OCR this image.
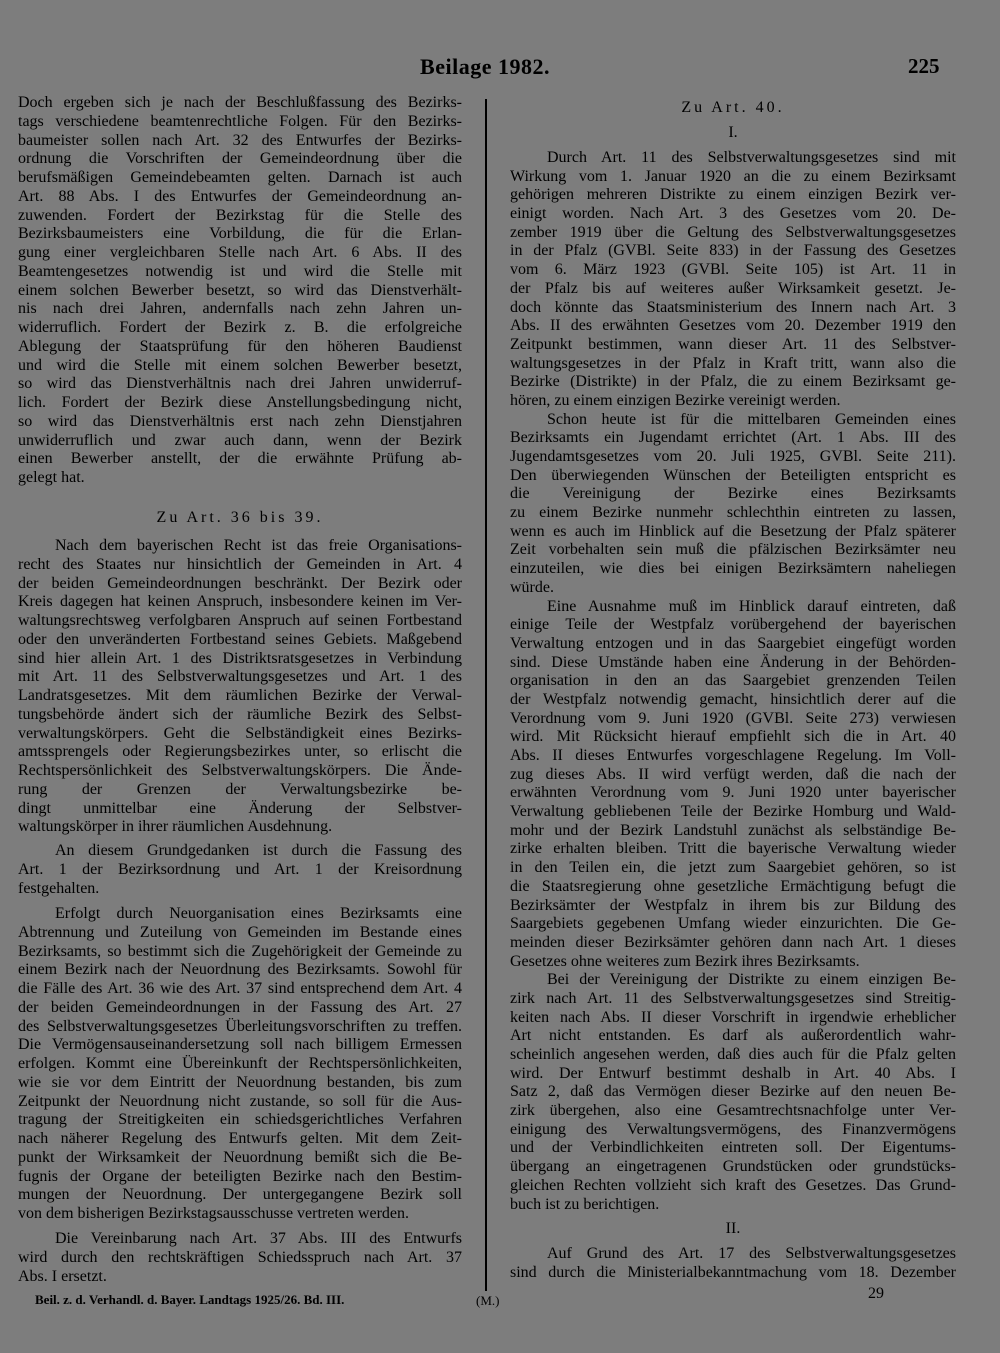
Beilage 1982.	225
Doch ergeben sich je nach der Beschlußfassung des Bezirks-
tags verschiedene beamtenrechtliche Folgen. Für den Bezirks-
baumeister sollen nach Art. 32 des Entwurfes der Bezirks-
ordnung die Vorschriften der Gemeindeordnung über die
berufsmäßigen Gemeindebeamten gelten. Darnach ist auch
Art. 88 Abs. I des Entwurfes der Gemeindeordnung an-
zuwenden. Fordert der Bezirkstag für die Stelle des
Bezirksbaumeisters eine Vorbildung, die für die Erlan-
gung einer vergleichbaren Stelle nach Art. 6 Abs. II des
Beamtengesetzes notwendig ist und wird die Stelle mit
einem solchen Bewerber besetzt, so wird das Dienstverhält-
nis nach drei Jahren, andernfalls nach zehn Jahren un-
widerruflich. Fordert der Bezirk z. B. die erfolgreiche
Ablegung der Staatsprüfung für den höheren Baudienst
und wird die Stelle mit einem solchen Bewerber besetzt,
so wird das Dienstverhältnis nach drei Jahren unwiderruf-
lich. Fordert der Bezirk diese Anstellungsbedingung nicht,
so wird das Dienstverhältnis erst nach zehn Dienstjahren
unwiderruflich und zwar auch dann, wenn der Bezirk
einen Bewerber anstellt, der die erwähnte Prüfung ab-
gelegt hat.
Zu Art. 36 bis 39.
Nach dem bayerischen Recht ist das freie Organisations-
recht des Staates nur hinsichtlich der Gemeinden in Art. 4
der beiden Gemeindeordnungen beschränkt. Der Bezirk oder
Kreis dagegen hat keinen Anspruch, insbesondere keinen im Ver-
waltungsrechtsweg verfolgbaren Anspruch auf seinen Fortbestand
oder den unveränderten Fortbestand seines Gebiets. Maßgebend
sind hier allein Art. 1 des Distriktsratsgesetzes in Verbindung
mit Art. 11 des Selbstverwaltungsgesetzes und Art. 1 des
Landratsgesetzes. Mit dem räumlichen Bezirke der Verwal-
tungsbehörde ändert sich der räumliche Bezirk des Selbst-
verwaltungskörpers. Geht die Selbständigkeit eines Bezirks-
amtssprengels oder Regierungsbezirkes unter, so erlischt die
Rechtspersönlichkeit des Selbstverwaltungskörpers. Die Ände-
rung der Grenzen der Verwaltungsbezirke be-
dingt unmittelbar eine Änderung der Selbstver-
waltungskörper in ihrer räumlichen Ausdehnung.
An diesem Grundgedanken ist durch die Fassung des
Art. 1 der Bezirksordnung und Art. 1 der Kreisordnung
festgehalten.
Erfolgt durch Neuorganisation eines Bezirksamts eine
Abtrennung und Zuteilung von Gemeinden im Bestande eines
Bezirksamts, so bestimmt sich die Zugehörigkeit der Gemeinde zu
einem Bezirk nach der Neuordnung des Bezirksamts. Sowohl für
die Fälle des Art. 36 wie des Art. 37 sind entsprechend dem Art. 4
der beiden Gemeindeordnungen in der Fassung des Art. 27
des Selbstverwaltungsgesetzes Überleitungsvorschriften zu treffen.
Die Vermögensauseinandersetzung soll nach billigem Ermessen
erfolgen. Kommt eine Übereinkunft der Rechtspersönlichkeiten,
wie sie vor dem Eintritt der Neuordnung bestanden, bis zum
Zeitpunkt der Neuordnung nicht zustande, so soll für die Aus-
tragung der Streitigkeiten ein schiedsgerichtliches Verfahren
nach näherer Regelung des Entwurfs gelten. Mit dem Zeit-
punkt der Wirksamkeit der Neuordnung bemißt sich die Be-
fugnis der Organe der beteiligten Bezirke nach den Bestim-
mungen der Neuordnung. Der untergegangene Bezirk soll
von dem bisherigen Bezirkstagsausschusse vertreten werden.
Die Vereinbarung nach Art. 37 Abs. III des Entwurfs
wird durch den rechtskräftigen Schiedsspruch nach Art. 37
Abs. I ersetzt.
Zu Art. 40.
I.
Durch Art. 11 des Selbstverwaltungsgesetzes sind mit
Wirkung vom 1. Januar 1920 an die zu einem Bezirksamt
gehörigen mehreren Distrikte zu einem einzigen Bezirk ver-
einigt worden. Nach Art. 3 des Gesetzes vom 20. De-
zember 1919 über die Geltung des Selbstverwaltungsgesetzes
in der Pfalz (GVBl. Seite 833) in der Fassung des Gesetzes
vom 6. März 1923 (GVBl. Seite 105) ist Art. 11 in
der Pfalz bis auf weiteres außer Wirksamkeit gesetzt. Je-
doch könnte das Staatsministerium des Innern nach Art. 3
Abs. II des erwähnten Gesetzes vom 20. Dezember 1919 den
Zeitpunkt bestimmen, wann dieser Art. 11 des Selbstver-
waltungsgesetzes in der Pfalz in Kraft tritt, wann also die
Bezirke (Distrikte) in der Pfalz, die zu einem Bezirksamt ge-
hören, zu einem einzigen Bezirke vereinigt werden.
Schon heute ist für die mittelbaren Gemeinden eines
Bezirksamts ein Jugendamt errichtet (Art. 1 Abs. III des
Jugendamtsgesetzes vom 20. Juli 1925, GVBl. Seite 211).
Den überwiegenden Wünschen der Beteiligten entspricht es
die Vereinigung der Bezirke eines Bezirksamts
zu einem Bezirke nunmehr schlechthin eintreten zu lassen,
wenn es auch im Hinblick auf die Besetzung der Pfalz späterer
Zeit vorbehalten sein muß die pfälzischen Bezirksämter neu
einzuteilen, wie dies bei einigen Bezirksämtern naheliegen
würde.
Eine Ausnahme muß im Hinblick darauf eintreten, daß
einige Teile der Westpfalz vorübergehend der bayerischen
Verwaltung entzogen und in das Saargebiet eingefügt worden
sind. Diese Umstände haben eine Änderung in der Behörden-
organisation in den an das Saargebiet grenzenden Teilen
der Westpfalz notwendig gemacht, hinsichtlich derer auf die
Verordnung vom 9. Juni 1920 (GVBl. Seite 273) verwiesen
wird. Mit Rücksicht hierauf empfiehlt sich die in Art. 40
Abs. II dieses Entwurfes vorgeschlagene Regelung. Im Voll-
zug dieses Abs. II wird verfügt werden, daß die nach der
erwähnten Verordnung vom 9. Juni 1920 unter bayerischer
Verwaltung gebliebenen Teile der Bezirke Homburg und Wald-
mohr und der Bezirk Landstuhl zunächst als selbständige Be-
zirke erhalten bleiben. Tritt die bayerische Verwaltung wieder
in den Teilen ein, die jetzt zum Saargebiet gehören, so ist
die Staatsregierung ohne gesetzliche Ermächtigung befugt die
Bezirksämter der Westpfalz in ihrem bis zur Bildung des
Saargebiets gegebenen Umfang wieder einzurichten. Die Ge-
meinden dieser Bezirksämter gehören dann nach Art. 1 dieses
Gesetzes ohne weiteres zum Bezirk ihres Bezirksamts.
Bei der Vereinigung der Distrikte zu einem einzigen Be-
zirk nach Art. 11 des Selbstverwaltungsgesetzes sind Streitig-
keiten nach Abs. II dieser Vorschrift in irgendwie erheblicher
Art nicht entstanden. Es darf als außerordentlich wahr-
scheinlich angesehen werden, daß dies auch für die Pfalz gelten
wird. Der Entwurf bestimmt deshalb in Art. 40 Abs. I
Satz 2, daß das Vermögen dieser Bezirke auf den neuen Be-
zirk übergehen, also eine Gesamtrechtsnachfolge unter Ver-
einigung des Verwaltungsvermögens, des Finanzvermögens
und der Verbindlichkeiten eintreten soll. Der Eigentums-
übergang an eingetragenen Grundstücken oder grundstücks-
gleichen Rechten vollzieht sich kraft des Gesetzes. Das Grund-
buch ist zu berichtigen.
II.
Auf Grund des Art. 17 des Selbstverwaltungsgesetzes
sind durch die Ministerialbekanntmachung vom 18. Dezember
Beil. z. d. Verhandl. d. Bayer. Landtags 1925/26. Bd. III.	(M.)	29
